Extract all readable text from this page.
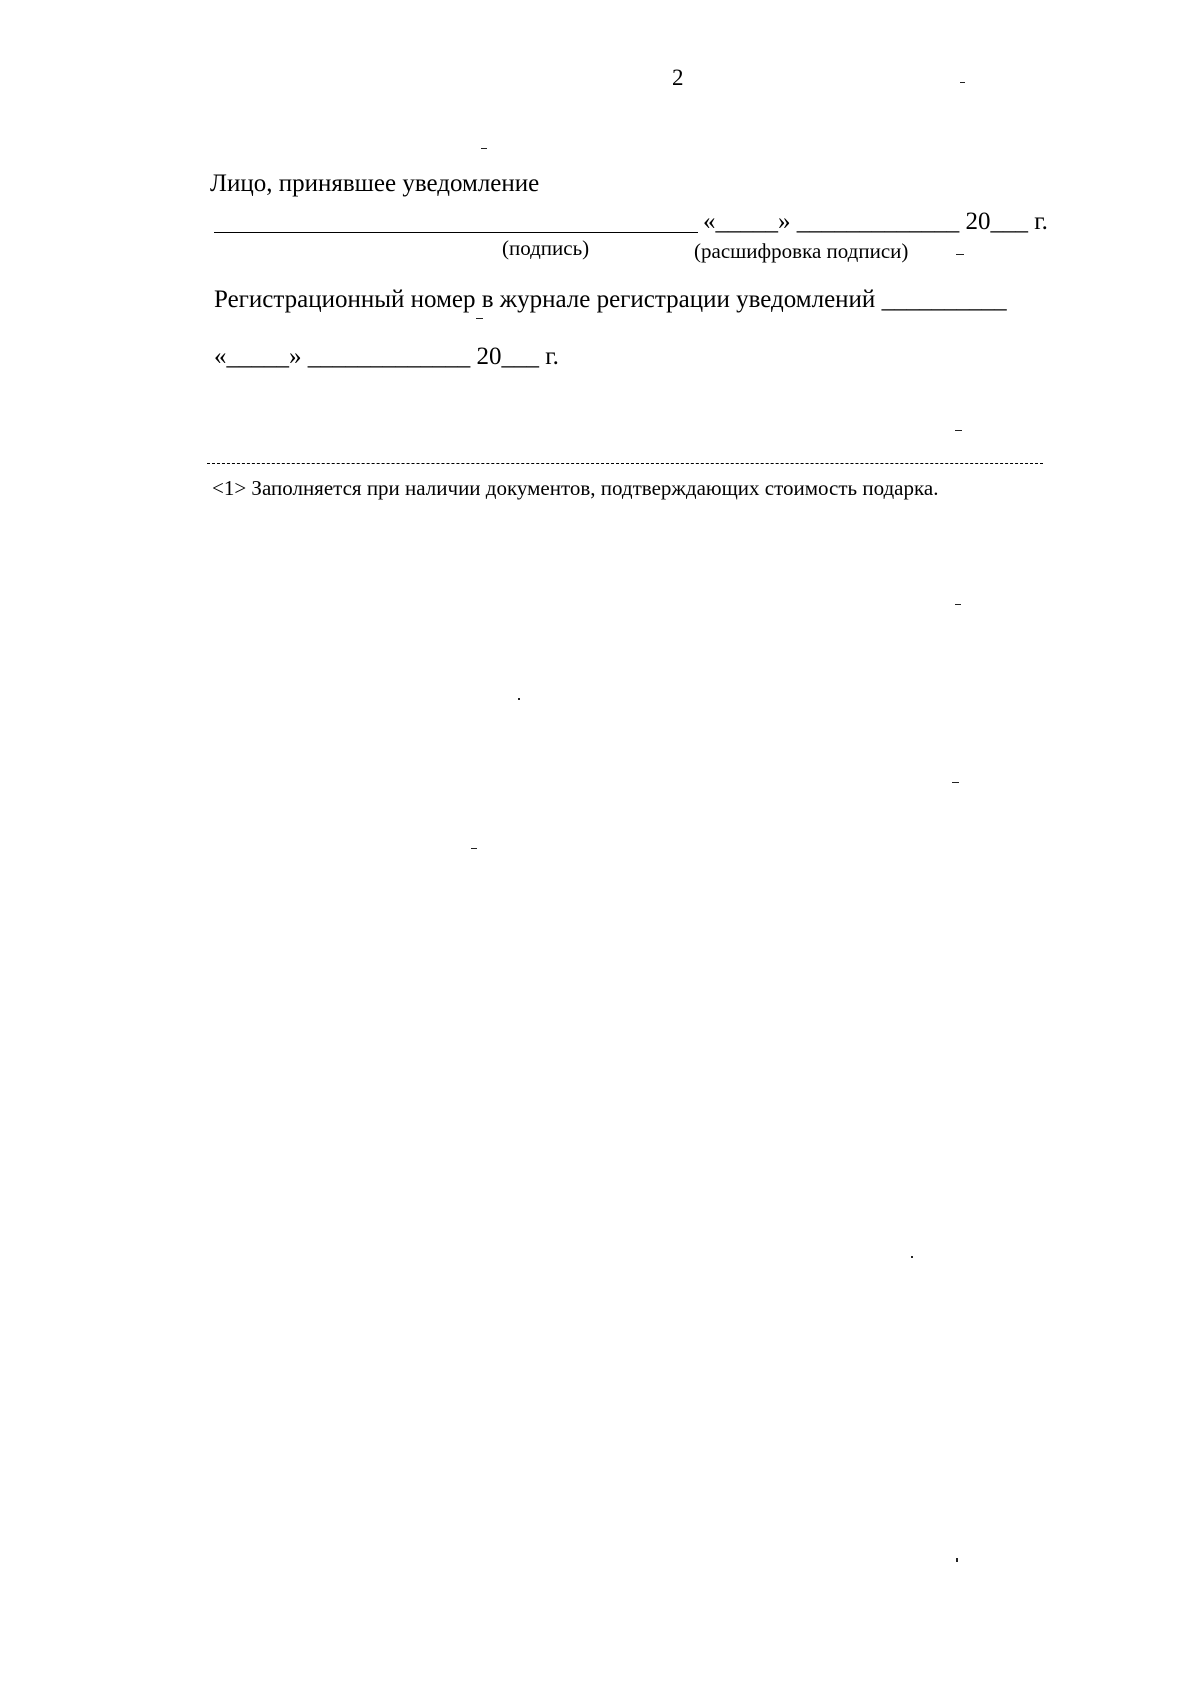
2
Лицо, принявшее уведомление
«_____» _____________ 20___ г.
(подпись)	(расшифровка подписи)
Регистрационный номер в журнале регистрации уведомлений __________
«_____» _____________ 20___ г.
<1> Заполняется при наличии документов, подтверждающих стоимость подарка.
